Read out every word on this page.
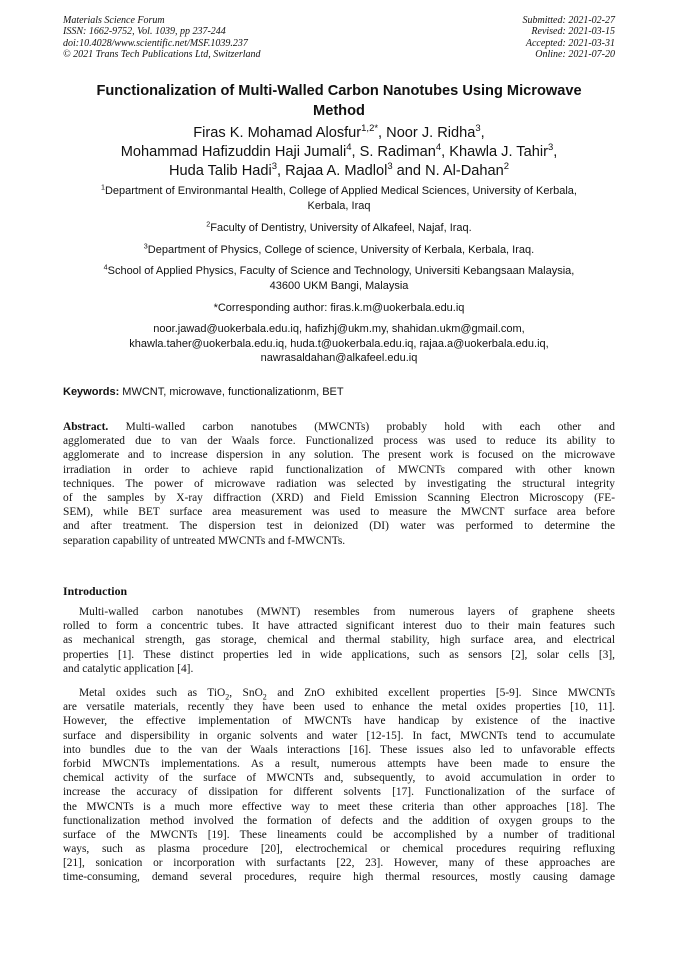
Materials Science Forum
ISSN: 1662-9752, Vol. 1039, pp 237-244
doi:10.4028/www.scientific.net/MSF.1039.237
© 2021 Trans Tech Publications Ltd, Switzerland
Submitted: 2021-02-27
Revised: 2021-03-15
Accepted: 2021-03-31
Online: 2021-07-20
Functionalization of Multi-Walled Carbon Nanotubes Using Microwave
Method
Firas K. Mohamad Alosfur$^{1,2*}$, Noor J. Ridha$^3$,
Mohammad Hafizuddin Haji Jumali$^4$, S. Radiman$^4$, Khawla J. Tahir$^3$,
Huda Talib Hadi$^3$, Rajaa A. Madlol$^3$ and N. Al-Dahan$^2$
$^1$Department of Environmantal Health, College of Applied Medical Sciences, University of Kerbala,
Kerbala, Iraq
$^2$Faculty of Dentistry, University of Alkafeel, Najaf, Iraq.
$^3$Department of Physics, College of science, University of Kerbala, Kerbala, Iraq.
$^4$School of Applied Physics, Faculty of Science and Technology, Universiti Kebangsaan Malaysia,
43600 UKM Bangi, Malaysia
*Corresponding author: firas.k.m@uokerbala.edu.iq
noor.jawad@uokerbala.edu.iq, hafizhj@ukm.my, shahidan.ukm@gmail.com,
khawla.taher@uokerbala.edu.iq, huda.t@uokerbala.edu.iq, rajaa.a@uokerbala.edu.iq,
nawrasaldahan@alkafeel.edu.iq
Keywords: MWCNT, microwave, functionalizationm, BET
Abstract. Multi-walled carbon nanotubes (MWCNTs) probably hold with each other and
agglomerated due to van der Waals force. Functionalized process was used to reduce its ability to
agglomerate and to increase dispersion in any solution. The present work is focused on the microwave
irradiation in order to achieve rapid functionalization of MWCNTs compared with other known
techniques. The power of microwave radiation was selected by investigating the structural integrity
of the samples by X-ray diffraction (XRD) and Field Emission Scanning Electron Microscopy (FE-
SEM), while BET surface area measurement was used to measure the MWCNT surface area before
and after treatment. The dispersion test in deionized (DI) water was performed to determine the
separation capability of untreated MWCNTs and f-MWCNTs.
Introduction
Multi-walled carbon nanotubes (MWNT) resembles from numerous layers of graphene sheets
rolled to form a concentric tubes. It have attracted significant interest duo to their main features such
as mechanical strength, gas storage, chemical and thermal stability, high surface area, and electrical
properties [1]. These distinct properties led in wide applications, such as sensors [2], solar cells [3],
and catalytic application [4].
Metal oxides such as TiO$_2$, SnO$_2$ and ZnO exhibited excellent properties [5-9]. Since MWCNTs
are versatile materials, recently they have been used to enhance the metal oxides properties [10, 11].
However, the effective implementation of MWCNTs have handicap by existence of the inactive
surface and dispersibility in organic solvents and water [12-15]. In fact, MWCNTs tend to accumulate
into bundles due to the van der Waals interactions [16]. These issues also led to unfavorable effects
forbid MWCNTs implementations. As a result, numerous attempts have been made to ensure the
chemical activity of the surface of MWCNTs and, subsequently, to avoid accumulation in order to
increase the accuracy of dissipation for different solvents [17]. Functionalization of the surface of
the MWCNTs is a much more effective way to meet these criteria than other approaches [18]. The
functionalization method involved the formation of defects and the addition of oxygen groups to the
surface of the MWCNTs [19]. These lineaments could be accomplished by a number of traditional
ways, such as plasma procedure [20], electrochemical or chemical procedures requiring refluxing
[21], sonication or incorporation with surfactants [22, 23]. However, many of these approaches are
time-consuming, demand several procedures, require high thermal resources, mostly causing damage
